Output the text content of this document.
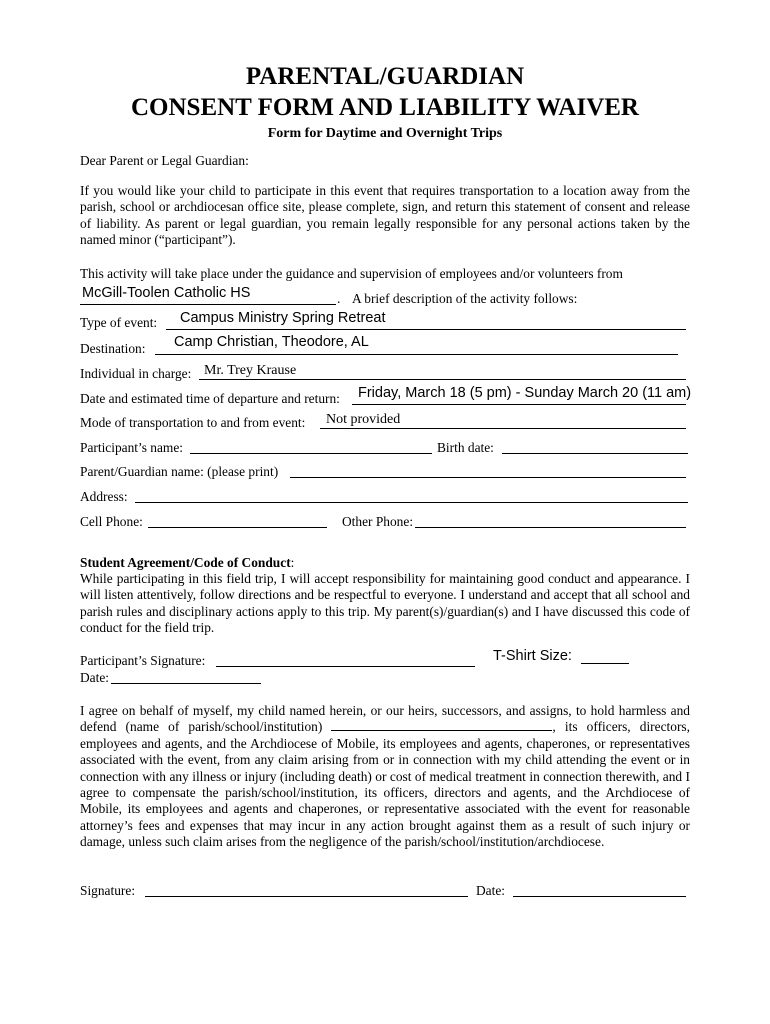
PARENTAL/GUARDIAN
CONSENT FORM AND LIABILITY WAIVER
Form for Daytime and Overnight Trips
Dear Parent or Legal Guardian:
If you would like your child to participate in this event that requires transportation to a location away from the parish, school or archdiocesan office site, please complete, sign, and return this statement of consent and release of liability. As parent or legal guardian, you remain legally responsible for any personal actions taken by the named minor (“participant”).
This activity will take place under the guidance and supervision of employees and/or volunteers from
McGill-Toolen Catholic HS	. A brief description of the activity follows:
Type of event: Campus Ministry Spring Retreat
Destination: Camp Christian, Theodore, AL
Individual in charge: Mr. Trey Krause
Date and estimated time of departure and return: Friday, March 18 (5 pm) - Sunday March 20 (11 am)
Mode of transportation to and from event: Not provided
Participant’s name:	Birth date:
Parent/Guardian name: (please print)
Address:
Cell Phone:	Other Phone:
Student Agreement/Code of Conduct:
While participating in this field trip, I will accept responsibility for maintaining good conduct and appearance. I will listen attentively, follow directions and be respectful to everyone. I understand and accept that all school and parish rules and disciplinary actions apply to this trip. My parent(s)/guardian(s) and I have discussed this code of conduct for the field trip.
Participant’s Signature:	T-Shirt Size:
Date:
I agree on behalf of myself, my child named herein, or our heirs, successors, and assigns, to hold harmless and defend (name of parish/school/institution)	, its officers, directors, employees and agents, and the Archdiocese of Mobile, its employees and agents, chaperones, or representatives associated with the event, from any claim arising from or in connection with my child attending the event or in connection with any illness or injury (including death) or cost of medical treatment in connection therewith, and I agree to compensate the parish/school/institution, its officers, directors and agents, and the Archdiocese of Mobile, its employees and agents and chaperones, or representative associated with the event for reasonable attorney’s fees and expenses that may incur in any action brought against them as a result of such injury or damage, unless such claim arises from the negligence of the parish/school/institution/archdiocese.
Signature:	Date:
